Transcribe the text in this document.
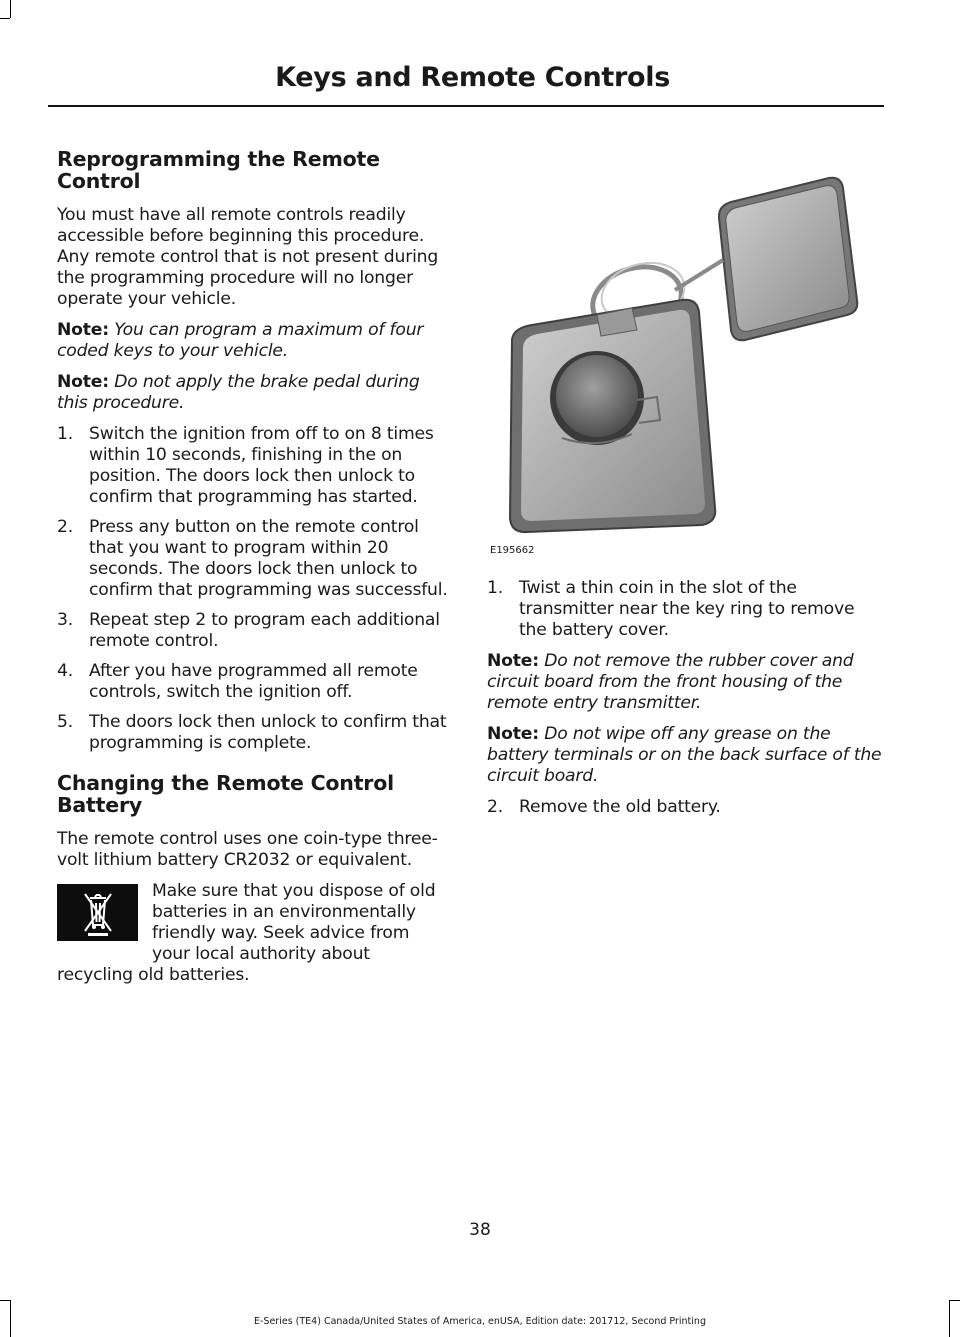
Keys and Remote Controls
Reprogramming the Remote Control

You must have all remote controls readily accessible before beginning this procedure. Any remote control that is not present during the programming procedure will no longer operate your vehicle.

Note: You can program a maximum of four coded keys to your vehicle.

Note: Do not apply the brake pedal during this procedure.

1. Switch the ignition from off to on 8 times within 10 seconds, finishing in the on position. The doors lock then unlock to confirm that programming has started.
2. Press any button on the remote control that you want to program within 20 seconds. The doors lock then unlock to confirm that programming was successful.
3. Repeat step 2 to program each additional remote control.
4. After you have programmed all remote controls, switch the ignition off.
5. The doors lock then unlock to confirm that programming is complete.
Changing the Remote Control Battery

The remote control uses one coin-type three-volt lithium battery CR2032 or equivalent.

Make sure that you dispose of old batteries in an environmentally friendly way. Seek advice from your local authority about recycling old batteries.
E195662
1. Twist a thin coin in the slot of the transmitter near the key ring to remove the battery cover.

Note: Do not remove the rubber cover and circuit board from the front housing of the remote entry transmitter.

Note: Do not wipe off any grease on the battery terminals or on the back surface of the circuit board.

2. Remove the old battery.
38
E-Series (TE4) Canada/United States of America, enUSA, Edition date: 201712, Second Printing
